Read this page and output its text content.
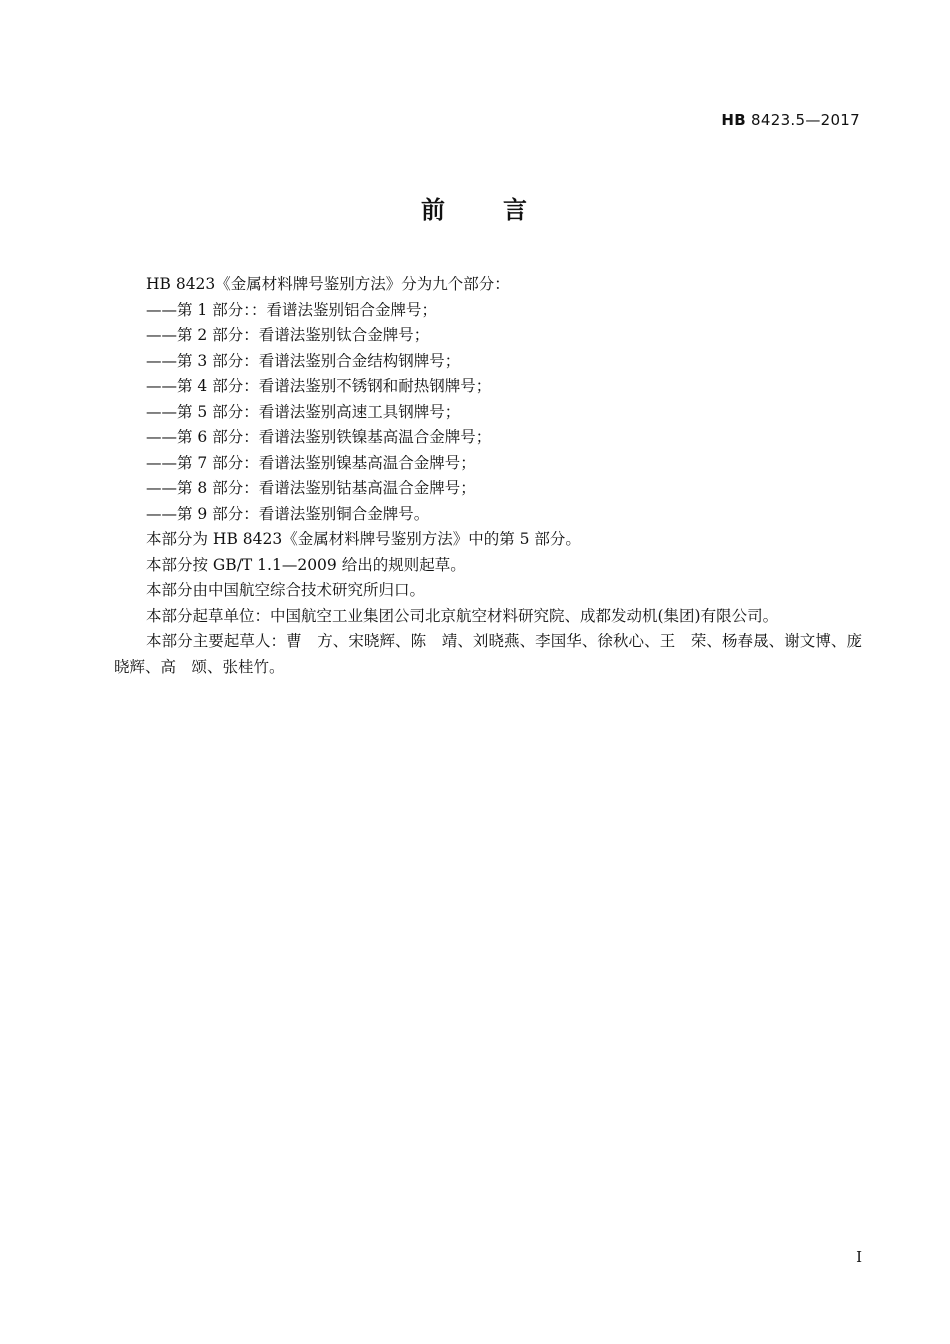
HB 8423.5—2017
前 言

HB 8423《金属材料牌号鉴别方法》分为九个部分：

——第 1 部分：：看谱法鉴别铝合金牌号；

——第 2 部分：看谱法鉴别钛合金牌号；

——第 3 部分：看谱法鉴别合金结构钢牌号；

——第 4 部分：看谱法鉴别不锈钢和耐热钢牌号；

——第 5 部分：看谱法鉴别高速工具钢牌号；

——第 6 部分：看谱法鉴别铁镍基高温合金牌号；

——第 7 部分：看谱法鉴别镍基高温合金牌号；

——第 8 部分：看谱法鉴别钴基高温合金牌号；

——第 9 部分：看谱法鉴别铜合金牌号。

本部分为 HB 8423《金属材料牌号鉴别方法》中的第 5 部分。

本部分按 GB/T 1.1—2009 给出的规则起草。

本部分由中国航空综合技术研究所归口。

本部分起草单位：中国航空工业集团公司北京航空材料研究院、成都发动机(集团)有限公司。

本部分主要起草人：曹　方、宋晓辉、陈　靖、刘晓燕、李国华、徐秋心、王　荣、杨春晟、谢文博、庞晓辉、高　颂、张桂竹。

I
